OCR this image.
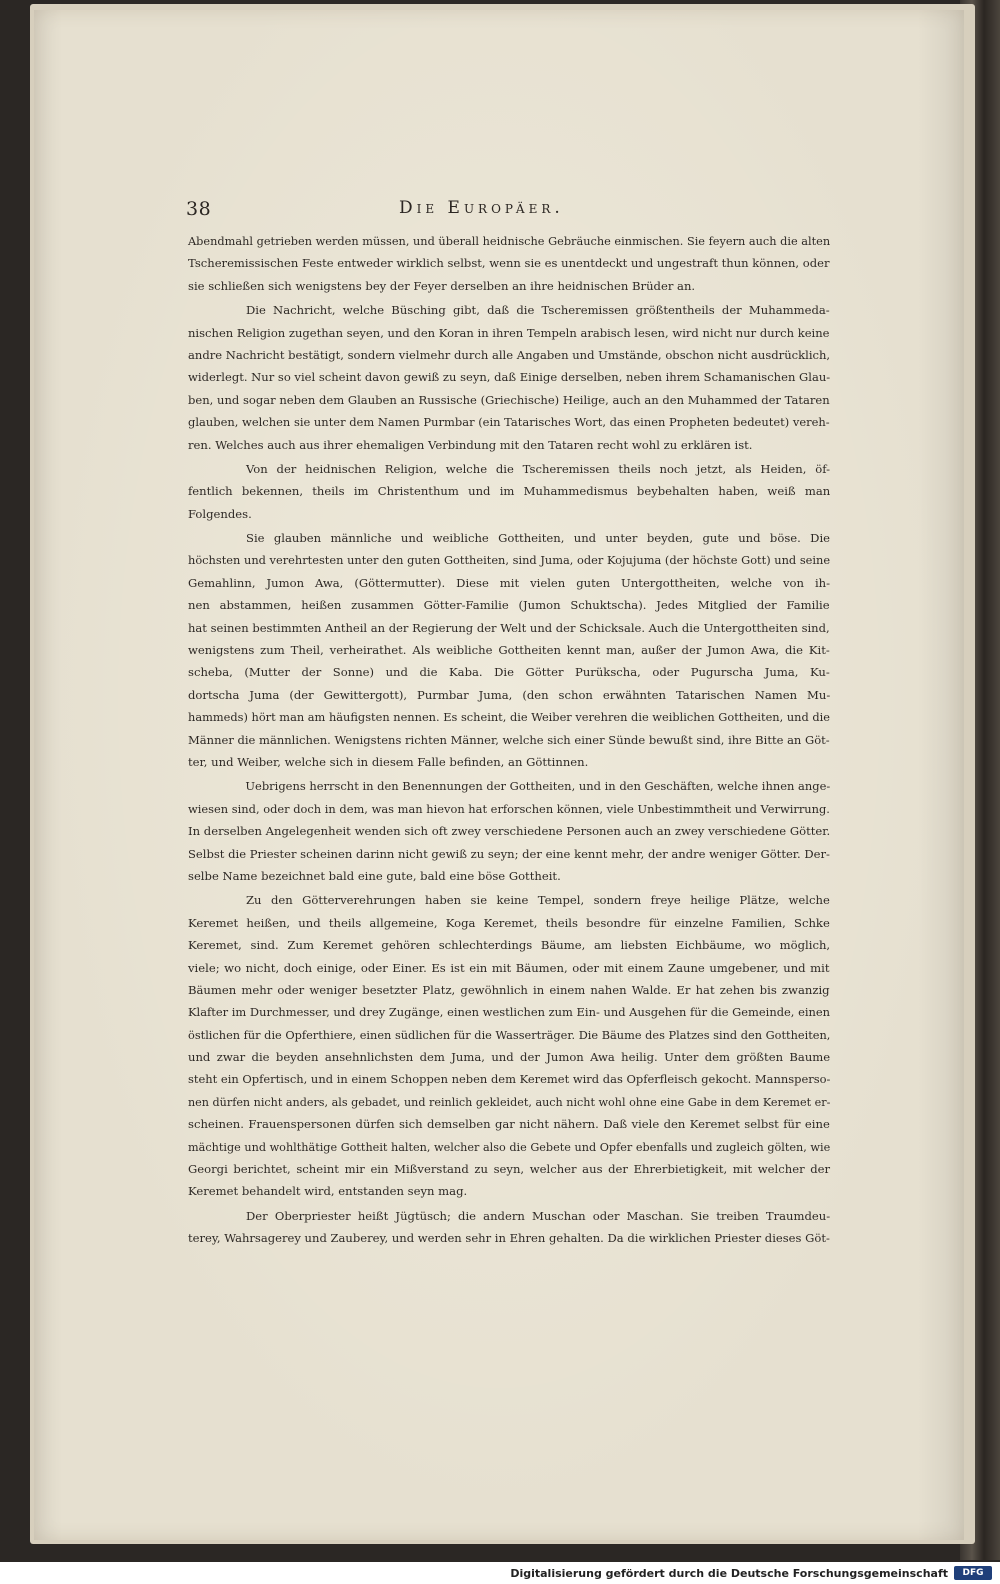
38	Die Europäer.
Abendmahl getrieben werden müssen, und überall heidnische Gebräuche einmischen. Sie feyern auch die alten
Tscheremissischen Feste entweder wirklich selbst, wenn sie es unentdeckt und ungestraft thun können, oder
sie schließen sich wenigstens bey der Feyer derselben an ihre heidnischen Brüder an.
Die Nachricht, welche Büsching gibt, daß die Tscheremissen größtentheils der Muhammeda-
nischen Religion zugethan seyen, und den Koran in ihren Tempeln arabisch lesen, wird nicht nur durch keine
andre Nachricht bestätigt, sondern vielmehr durch alle Angaben und Umstände, obschon nicht ausdrücklich,
widerlegt. Nur so viel scheint davon gewiß zu seyn, daß Einige derselben, neben ihrem Schamanischen Glau-
ben, und sogar neben dem Glauben an Russische (Griechische) Heilige, auch an den Muhammed der Tataren
glauben, welchen sie unter dem Namen Purmbar (ein Tatarisches Wort, das einen Propheten bedeutet) vereh-
ren. Welches auch aus ihrer ehemaligen Verbindung mit den Tataren recht wohl zu erklären ist.
Von der heidnischen Religion, welche die Tscheremissen theils noch jetzt, als Heiden, öf-
fentlich bekennen, theils im Christenthum und im Muhammedismus beybehalten haben, weiß man
Folgendes.
Sie glauben männliche und weibliche Gottheiten, und unter beyden, gute und böse. Die
höchsten und verehrtesten unter den guten Gottheiten, sind Juma, oder Kojujuma (der höchste Gott) und seine
Gemahlinn, Jumon Awa, (Göttermutter). Diese mit vielen guten Untergottheiten, welche von ih-
nen abstammen, heißen zusammen Götter-Familie (Jumon Schuktscha). Jedes Mitglied der Familie
hat seinen bestimmten Antheil an der Regierung der Welt und der Schicksale. Auch die Untergottheiten sind,
wenigstens zum Theil, verheirathet. Als weibliche Gottheiten kennt man, außer der Jumon Awa, die Kit-
scheba, (Mutter der Sonne) und die Kaba. Die Götter Purükscha, oder Pugurscha Juma, Ku-
dortscha Juma (der Gewittergott), Purmbar Juma, (den schon erwähnten Tatarischen Namen Mu-
hammeds) hört man am häufigsten nennen. Es scheint, die Weiber verehren die weiblichen Gottheiten, und die
Männer die männlichen. Wenigstens richten Männer, welche sich einer Sünde bewußt sind, ihre Bitte an Göt-
ter, und Weiber, welche sich in diesem Falle befinden, an Göttinnen.
Uebrigens herrscht in den Benennungen der Gottheiten, und in den Geschäften, welche ihnen ange-
wiesen sind, oder doch in dem, was man hievon hat erforschen können, viele Unbestimmtheit und Verwirrung.
In derselben Angelegenheit wenden sich oft zwey verschiedene Personen auch an zwey verschiedene Götter.
Selbst die Priester scheinen darinn nicht gewiß zu seyn; der eine kennt mehr, der andre weniger Götter. Der-
selbe Name bezeichnet bald eine gute, bald eine böse Gottheit.
Zu den Götterverehrungen haben sie keine Tempel, sondern freye heilige Plätze, welche
Keremet heißen, und theils allgemeine, Koga Keremet, theils besondre für einzelne Familien, Schke
Keremet, sind. Zum Keremet gehören schlechterdings Bäume, am liebsten Eichbäume, wo möglich,
viele; wo nicht, doch einige, oder Einer. Es ist ein mit Bäumen, oder mit einem Zaune umgebener, und mit
Bäumen mehr oder weniger besetzter Platz, gewöhnlich in einem nahen Walde. Er hat zehen bis zwanzig
Klafter im Durchmesser, und drey Zugänge, einen westlichen zum Ein- und Ausgehen für die Gemeinde, einen
östlichen für die Opferthiere, einen südlichen für die Wasserträger. Die Bäume des Platzes sind den Gottheiten,
und zwar die beyden ansehnlichsten dem Juma, und der Jumon Awa heilig. Unter dem größten Baume
steht ein Opfertisch, und in einem Schoppen neben dem Keremet wird das Opferfleisch gekocht. Mannsperso-
nen dürfen nicht anders, als gebadet, und reinlich gekleidet, auch nicht wohl ohne eine Gabe in dem Keremet er-
scheinen. Frauenspersonen dürfen sich demselben gar nicht nähern. Daß viele den Keremet selbst für eine
mächtige und wohlthätige Gottheit halten, welcher also die Gebete und Opfer ebenfalls und zugleich gölten, wie
Georgi berichtet, scheint mir ein Mißverstand zu seyn, welcher aus der Ehrerbietigkeit, mit welcher der
Keremet behandelt wird, entstanden seyn mag.
Der Oberpriester heißt Jügtüsch; die andern Muschan oder Maschan. Sie treiben Traumdeu-
terey, Wahrsagerey und Zauberey, und werden sehr in Ehren gehalten. Da die wirklichen Priester dieses Göt-
Digitalisierung gefördert durch die Deutsche Forschungsgemeinschaft	DFG
